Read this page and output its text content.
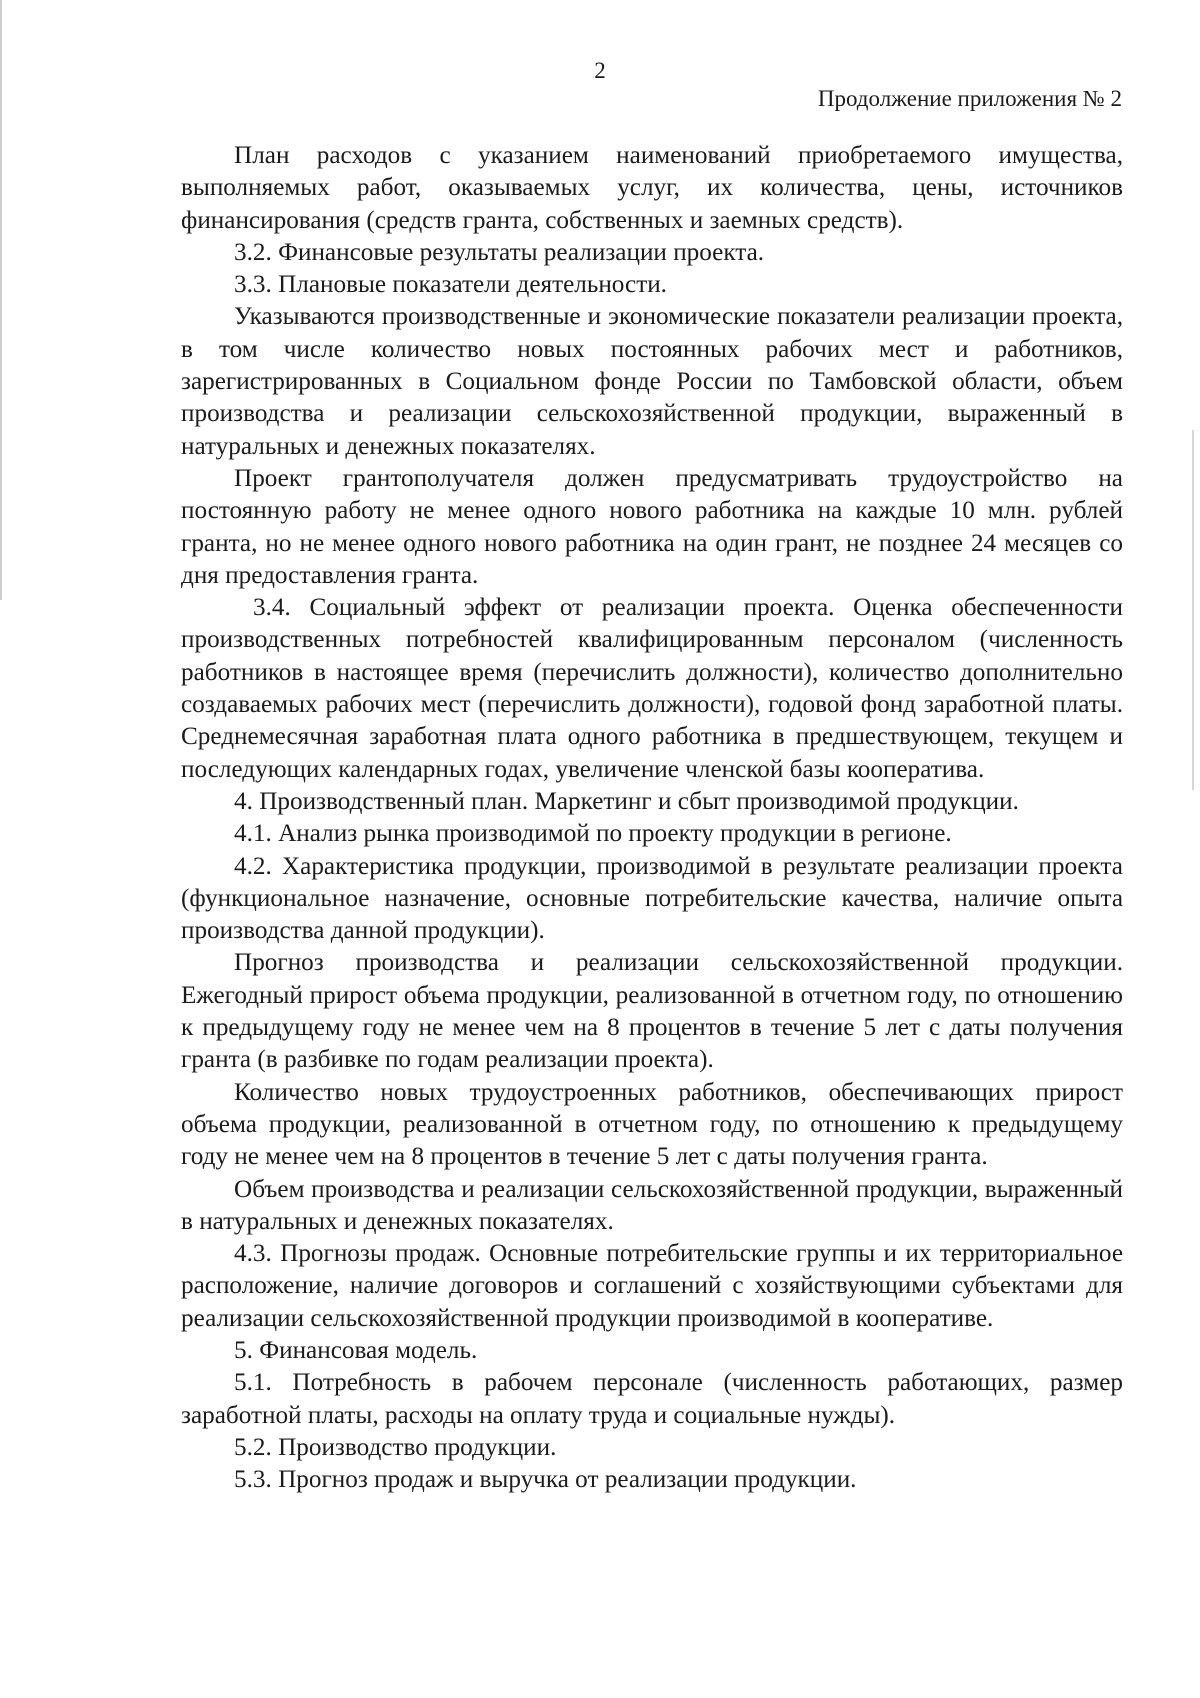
2
Продолжение приложения № 2

План расходов с указанием наименований приобретаемого имущества, выполняемых работ, оказываемых услуг, их количества, цены, источников финансирования (средств гранта, собственных и заемных средств).

3.2. Финансовые результаты реализации проекта.

3.3. Плановые показатели деятельности.

Указываются производственные и экономические показатели реализации проекта, в том числе количество новых постоянных рабочих мест и работников, зарегистрированных в Социальном фонде России по Тамбовской области, объем производства и реализации сельскохозяйственной продукции, выраженный в натуральных и денежных показателях.

Проект грантополучателя должен предусматривать трудоустройство на постоянную работу не менее одного нового работника на каждые 10 млн. рублей гранта, но не менее одного нового работника на один грант, не позднее 24 месяцев со дня предоставления гранта.

3.4. Социальный эффект от реализации проекта. Оценка обеспеченности производственных потребностей квалифицированным персоналом (численность работников в настоящее время (перечислить должности), количество дополнительно создаваемых рабочих мест (перечислить должности), годовой фонд заработной платы. Среднемесячная заработная плата одного работника в предшествующем, текущем и последующих календарных годах, увеличение членской базы кооператива.

4. Производственный план. Маркетинг и сбыт производимой продукции.

4.1. Анализ рынка производимой по проекту продукции в регионе.

4.2. Характеристика продукции, производимой в результате реализации проекта (функциональное назначение, основные потребительские качества, наличие опыта производства данной продукции).

Прогноз производства и реализации сельскохозяйственной продукции. Ежегодный прирост объема продукции, реализованной в отчетном году, по отношению к предыдущему году не менее чем на 8 процентов в течение 5 лет с даты получения гранта (в разбивке по годам реализации проекта).

Количество новых трудоустроенных работников, обеспечивающих прирост объема продукции, реализованной в отчетном году, по отношению к предыдущему году не менее чем на 8 процентов в течение 5 лет с даты получения гранта.

Объем производства и реализации сельскохозяйственной продукции, выраженный в натуральных и денежных показателях.

4.3. Прогнозы продаж. Основные потребительские группы и их территориальное расположение, наличие договоров и соглашений с хозяйствующими субъектами для реализации сельскохозяйственной продукции производимой в кооперативе.

5. Финансовая модель.

5.1. Потребность в рабочем персонале (численность работающих, размер заработной платы, расходы на оплату труда и социальные нужды).

5.2. Производство продукции.

5.3. Прогноз продаж и выручка от реализации продукции.
